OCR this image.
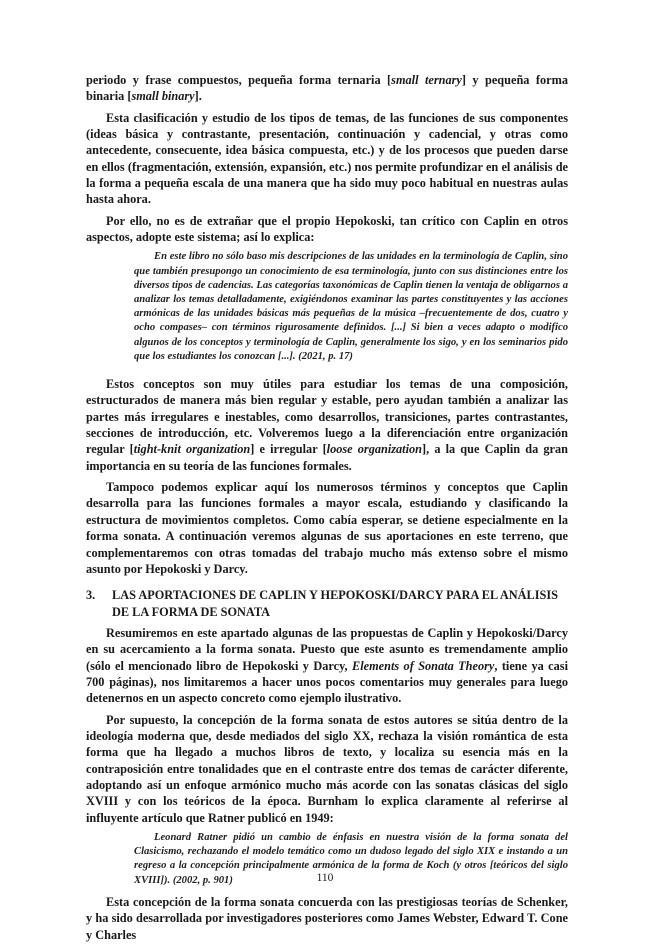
periodo y frase compuestos, pequeña forma ternaria [small ternary] y pequeña forma binaria [small binary].

Esta clasificación y estudio de los tipos de temas, de las funciones de sus componentes (ideas básica y contrastante, presentación, continuación y cadencial, y otras como antecedente, consecuente, idea básica compuesta, etc.) y de los procesos que pueden darse en ellos (fragmentación, extensión, expansión, etc.) nos permite profundizar en el análisis de la forma a pequeña escala de una manera que ha sido muy poco habitual en nuestras aulas hasta ahora.

Por ello, no es de extrañar que el propio Hepokoski, tan crítico con Caplin en otros aspectos, adopte este sistema; así lo explica:

En este libro no sólo baso mis descripciones de las unidades en la terminología de Caplin, sino que también presupongo un conocimiento de esa terminología, junto con sus distinciones entre los diversos tipos de cadencias. Las categorías taxonómicas de Caplin tienen la ventaja de obligarnos a analizar los temas detalladamente, exigiéndonos examinar las partes constituyentes y las acciones armónicas de las unidades básicas más pequeñas de la música –frecuentemente de dos, cuatro y ocho compases– con términos rigurosamente definidos. [...] Si bien a veces adapto o modifico algunos de los conceptos y terminología de Caplin, generalmente los sigo, y en los seminarios pido que los estudiantes los conozcan [...]. (2021, p. 17)

Estos conceptos son muy útiles para estudiar los temas de una composición, estructurados de manera más bien regular y estable, pero ayudan también a analizar las partes más irregulares e inestables, como desarrollos, transiciones, partes contrastantes, secciones de introducción, etc. Volveremos luego a la diferenciación entre organización regular [tight-knit organization] e irregular [loose organization], a la que Caplin da gran importancia en su teoría de las funciones formales.

Tampoco podemos explicar aquí los numerosos términos y conceptos que Caplin desarrolla para las funciones formales a mayor escala, estudiando y clasificando la estructura de movimientos completos. Como cabía esperar, se detiene especialmente en la forma sonata. A continuación veremos algunas de sus aportaciones en este terreno, que complementaremos con otras tomadas del trabajo mucho más extenso sobre el mismo asunto por Hepokoski y Darcy.

3.	LAS APORTACIONES DE CAPLIN Y HEPOKOSKI/DARCY PARA EL ANÁLISIS DE LA FORMA DE SONATA

Resumiremos en este apartado algunas de las propuestas de Caplin y Hepokoski/Darcy en su acercamiento a la forma sonata. Puesto que este asunto es tremendamente amplio (sólo el mencionado libro de Hepokoski y Darcy, Elements of Sonata Theory, tiene ya casi 700 páginas), nos limitaremos a hacer unos pocos comentarios muy generales para luego detenernos en un aspecto concreto como ejemplo ilustrativo.

Por supuesto, la concepción de la forma sonata de estos autores se sitúa dentro de la ideología moderna que, desde mediados del siglo XX, rechaza la visión romántica de esta forma que ha llegado a muchos libros de texto, y localiza su esencia más en la contraposición entre tonalidades que en el contraste entre dos temas de carácter diferente, adoptando así un enfoque armónico mucho más acorde con las sonatas clásicas del siglo XVIII y con los teóricos de la época. Burnham lo explica claramente al referirse al influyente artículo que Ratner publicó en 1949:

Leonard Ratner pidió un cambio de énfasis en nuestra visión de la forma sonata del Clasicismo, rechazando el modelo temático como un dudoso legado del siglo XIX e instando a un regreso a la concepción principalmente armónica de la forma de Koch (y otros [teóricos del siglo XVIII]). (2002, p. 901)

Esta concepción de la forma sonata concuerda con las prestigiosas teorías de Schenker, y ha sido desarrollada por investigadores posteriores como James Webster, Edward T. Cone y Charles

110
